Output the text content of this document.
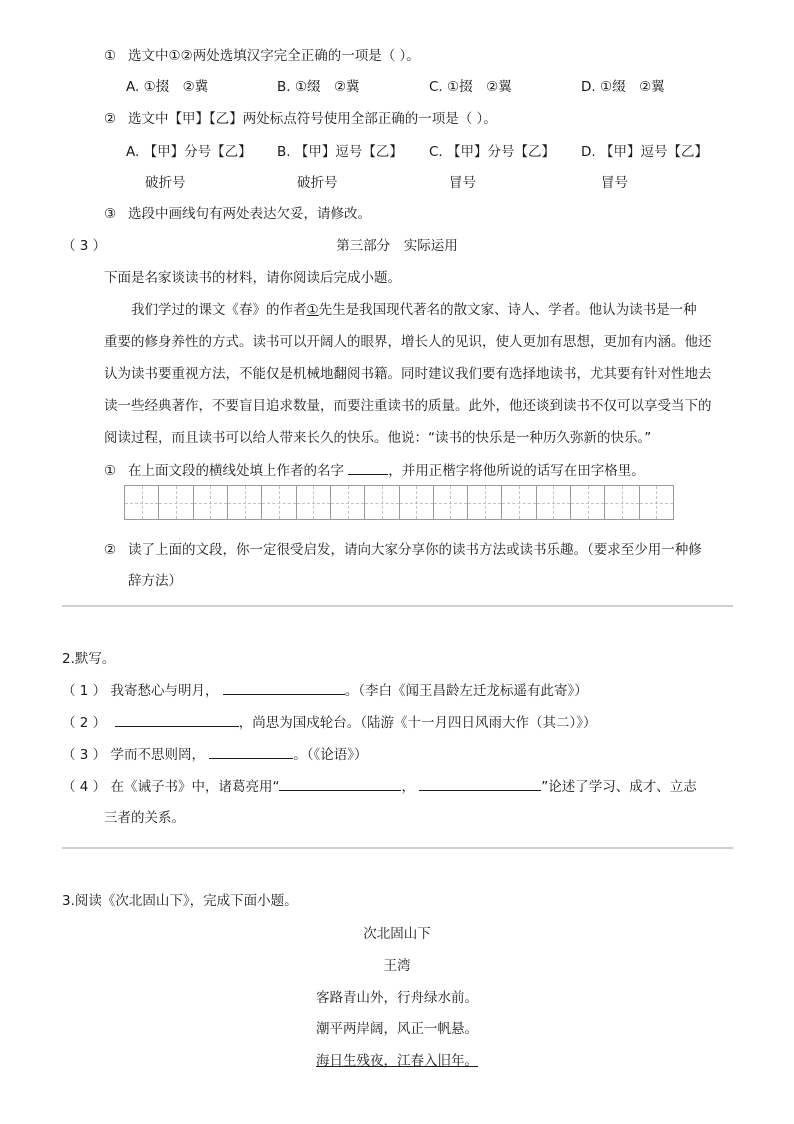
① 选文中①②两处选填汉字完全正确的一项是（ ）。
A. ①掇　②冀	B. ①缀　②冀	C. ①掇　②翼	D. ①缀　②翼
② 选文中【甲】【乙】两处标点符号使用全部正确的一项是（ ）。
A. 【甲】分号【乙】 B. 【甲】逗号【乙】 C. 【甲】分号【乙】 D. 【甲】逗号【乙】
破折号	破折号	冒号	冒号
③ 选段中画线句有两处表达欠妥，请修改。
（ 3 ）	第三部分　实际运用
下面是名家谈读书的材料，请你阅读后完成小题。
我们学过的课文《春》的作者①先生是我国现代著名的散文家、诗人、学者。他认为读书是一种
重要的修身养性的方式。读书可以开阔人的眼界，增长人的见识，使人更加有思想，更加有内涵。他还
认为读书要重视方法，不能仅是机械地翻阅书籍。同时建议我们要有选择地读书，尤其要有针对性地去
读一些经典著作，不要盲目追求数量，而要注重读书的质量。此外，他还谈到读书不仅可以享受当下的
阅读过程，而且读书可以给人带来长久的快乐。他说：“读书的快乐是一种历久弥新的快乐。”
① 在上面文段的横线处填上作者的名字	，并用正楷字将他所说的话写在田字格里。
② 读了上面的文段，你一定很受启发，请向大家分享你的读书方法或读书乐趣。（要求至少用一种修
辞方法）
2.默写。
（ 1 ） 我寄愁心与明月，	。（李白《闻王昌龄左迁龙标遥有此寄》）
（ 2 ）	，尚思为国戍轮台。（陆游《十一月四日风雨大作（其二）》）
（ 3 ） 学而不思则罔，	。（《论语》）
（ 4 ） 在《诫子书》中，诸葛亮用“	，	”论述了学习、成才、立志
三者的关系。
3.阅读《次北固山下》，完成下面小题。
次北固山下
王湾
客路青山外，行舟绿水前。
潮平两岸阔，风正一帆悬。
海日生残夜，江春入旧年。
